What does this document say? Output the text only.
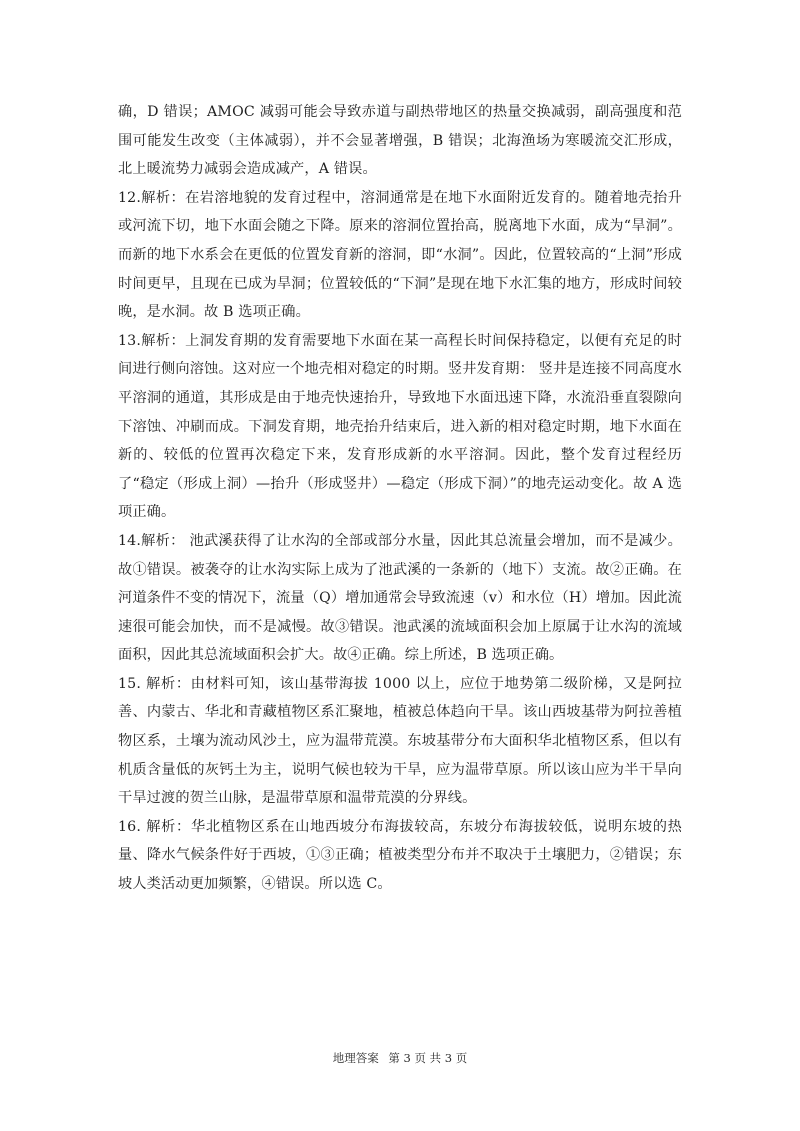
确，D 错误；AMOC 减弱可能会导致赤道与副热带地区的热量交换减弱，副高强度和范围可能发生改变（主体减弱），并不会显著增强，B 错误；北海渔场为寒暖流交汇形成，北上暖流势力减弱会造成减产，A 错误。

12.解析：在岩溶地貌的发育过程中，溶洞通常是在地下水面附近发育的。随着地壳抬升或河流下切，地下水面会随之下降。原来的溶洞位置抬高，脱离地下水面，成为“旱洞”。而新的地下水系会在更低的位置发育新的溶洞，即“水洞”。因此，位置较高的“上洞”形成时间更早，且现在已成为旱洞；位置较低的“下洞”是现在地下水汇集的地方，形成时间较晚，是水洞。故 B 选项正确。

13.解析：上洞发育期的发育需要地下水面在某一高程长时间保持稳定，以便有充足的时间进行侧向溶蚀。这对应一个地壳相对稳定的时期。竖井发育期： 竖井是连接不同高度水平溶洞的通道，其形成是由于地壳快速抬升，导致地下水面迅速下降，水流沿垂直裂隙向下溶蚀、冲刷而成。下洞发育期，地壳抬升结束后，进入新的相对稳定时期，地下水面在新的、较低的位置再次稳定下来，发育形成新的水平溶洞。因此，整个发育过程经历了“稳定（形成上洞）—抬升（形成竖井）—稳定（形成下洞）”的地壳运动变化。故 A 选项正确。

14.解析： 池武溪获得了让水沟的全部或部分水量，因此其总流量会增加，而不是减少。故①错误。被袭夺的让水沟实际上成为了池武溪的一条新的（地下）支流。故②正确。在河道条件不变的情况下，流量（Q）增加通常会导致流速（v）和水位（H）增加。因此流速很可能会加快，而不是减慢。故③错误。池武溪的流域面积会加上原属于让水沟的流域面积，因此其总流域面积会扩大。故④正确。综上所述，B 选项正确。

15. 解析：由材料可知，该山基带海拔 1000 以上，应位于地势第二级阶梯，又是阿拉善、内蒙古、华北和青藏植物区系汇聚地，植被总体趋向干旱。该山西坡基带为阿拉善植物区系，土壤为流动风沙土，应为温带荒漠。东坡基带分布大面积华北植物区系，但以有机质含量低的灰钙土为主，说明气候也较为干旱，应为温带草原。所以该山应为半干旱向干旱过渡的贺兰山脉，是温带草原和温带荒漠的分界线。

16. 解析：华北植物区系在山地西坡分布海拔较高，东坡分布海拔较低，说明东坡的热量、降水气候条件好于西坡，①③正确；植被类型分布并不取决于土壤肥力，②错误；东坡人类活动更加频繁，④错误。所以选 C。

地理答案 第 3 页 共 3 页
